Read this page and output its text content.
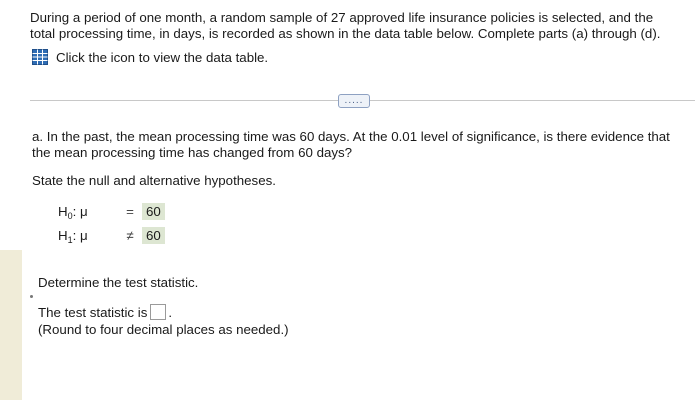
During a period of one month, a random sample of 27 approved life insurance policies is selected, and the total processing time, in days, is recorded as shown in the data table below. Complete parts (a) through (d).
Click the icon to view the data table.
.....
a. In the past, the mean processing time was 60 days. At the 0.01 level of significance, is there evidence that the mean processing time has changed from 60 days?
State the null and alternative hypotheses.
H 0 : μ	= 60
H 1 : μ	≠ 60
Determine the test statistic.
The test statistic is .
(Round to four decimal places as needed.)
